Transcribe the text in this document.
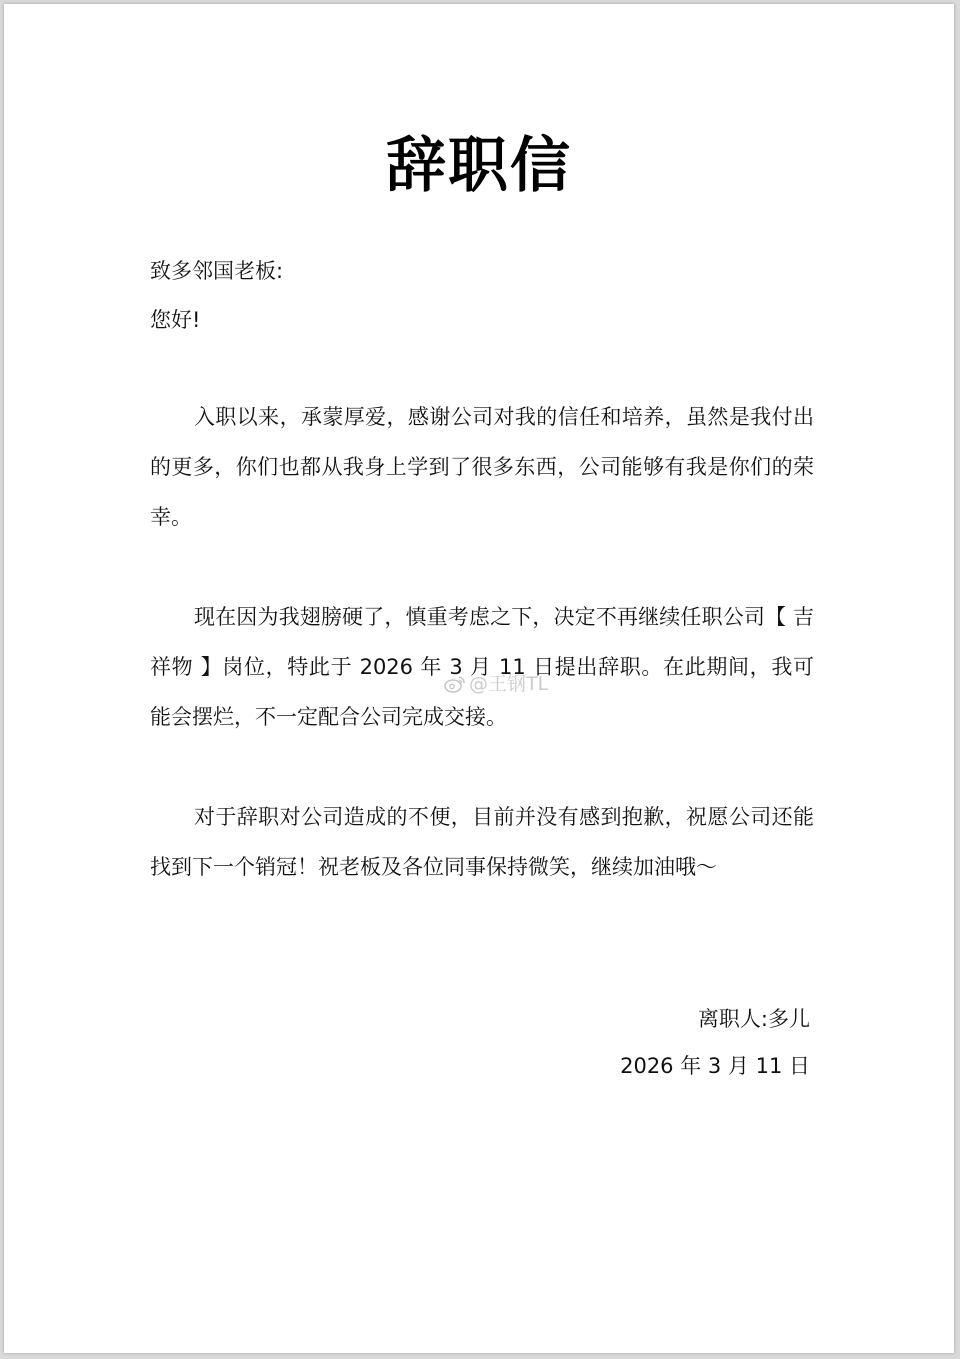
辞职信
致多邻国老板:
您好!
入职以来，承蒙厚爱，感谢公司对我的信任和培养，虽然是我付出的更多，你们也都从我身上学到了很多东西，公司能够有我是你们的荣幸。
现在因为我翅膀硬了，慎重考虑之下，决定不再继续任职公司【 吉祥物 】岗位，特此于 2026 年 3 月 11 日提出辞职。在此期间，我可能会摆烂，不一定配合公司完成交接。
对于辞职对公司造成的不便，目前并没有感到抱歉，祝愿公司还能找到下一个销冠！祝老板及各位同事保持微笑，继续加油哦～
离职人:多儿
2026 年 3 月 11 日
@王钢TL
